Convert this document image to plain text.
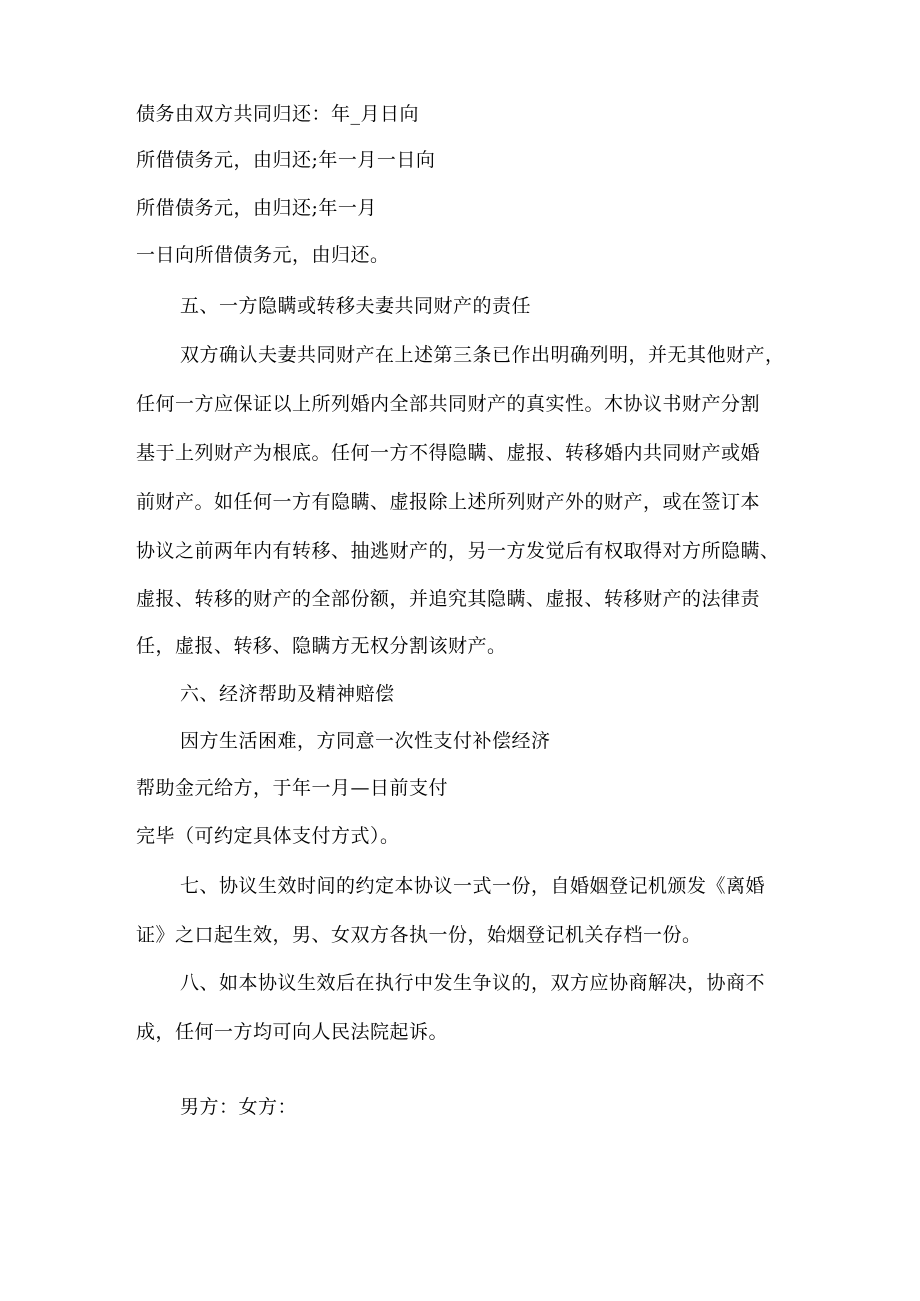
债务由双方共同归还：年_月日向
所借债务元，由归还;年一月一日向
所借债务元，由归还;年一月
一日向所借债务元，由归还。
五、一方隐瞒或转移夫妻共同财产的责任
双方确认夫妻共同财产在上述第三条已作出明确列明，并无其他财产，
任何一方应保证以上所列婚内全部共同财产的真实性。木协议书财产分割
基于上列财产为根底。任何一方不得隐瞒、虚报、转移婚内共同财产或婚
前财产。如任何一方有隐瞒、虚报除上述所列财产外的财产，或在签订本
协议之前两年内有转移、抽逃财产的，另一方发觉后有权取得对方所隐瞒、
虚报、转移的财产的全部份额，并追究其隐瞒、虚报、转移财产的法律责
任，虚报、转移、隐瞒方无权分割该财产。
六、经济帮助及精神赔偿
因方生活困难，方同意一次性支付补偿经济
帮助金元给方，于年一月—日前支付
完毕（可约定具体支付方式）。
七、协议生效时间的约定本协议一式一份，自婚姻登记机颁发《离婚
证》之口起生效，男、女双方各执一份，始烟登记机关存档一份。
八、如本协议生效后在执行中发生争议的，双方应协商解决，协商不
成，任何一方均可向人民法院起诉。
男方：女方：
